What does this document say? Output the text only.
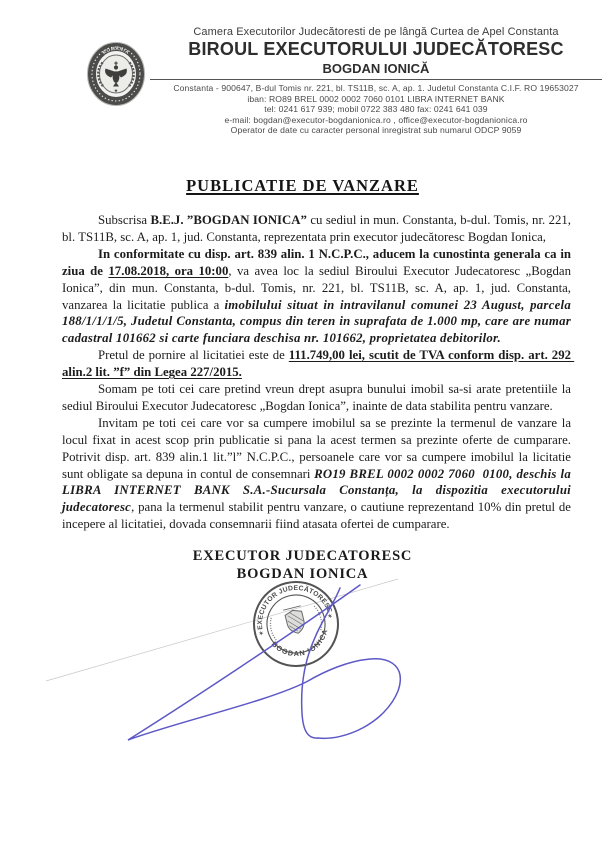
ROMÂNIA
✷
Camera Executorilor Judecătoresti de pe lângă Curtea de Apel Constanta
BIROUL EXECUTORULUI JUDECĂTORESC
BOGDAN IONICĂ
Constanta - 900647, B-dul Tomis nr. 221, bl. TS11B, sc. A, ap. 1. Judetul Constanta C.I.F. RO 19653027
iban: RO89 BREL 0002 0002 7060 0101 LIBRA INTERNET BANK
tel: 0241 617 939; mobil 0722 383 480 fax: 0241 641 039
e-mail: bogdan@executor-bogdanionica.ro , office@executor-bogdanionica.ro
Operator de date cu caracter personal inregistrat sub numarul ODCP 9059
PUBLICATIE DE VANZARE

Subscrisa B.E.J. ”BOGDAN IONICA” cu sediul in mun. Constanta, b-dul. Tomis, nr. 221, bl. TS11B, sc. A, ap. 1, jud. Constanta, reprezentata prin executor judecătoresc Bogdan Ionica,

In conformitate cu disp. art. 839 alin. 1 N.C.P.C., aducem la cunostinta generala ca in ziua de 17.08.2018, ora 10:00, va avea loc la sediul Biroului Executor Judecatoresc „Bogdan Ionica”, din mun. Constanta, b-dul. Tomis, nr. 221, bl. TS11B, sc. A, ap. 1, jud. Constanta, vanzarea la licitatie publica a imobilului situat in intravilanul comunei 23 August, parcela 188/1/1/1/5, Judetul Constanta, compus din teren in suprafata de 1.000 mp, care are numar cadastral 101662 si carte funciara deschisa nr. 101662, proprietatea debitorilor.

Pretul de pornire al licitatiei este de 111.749,00 lei, scutit de TVA conform disp. art. 292 alin.2 lit. ”f” din Legea 227/2015.

Somam pe toti cei care pretind vreun drept asupra bunului imobil sa-si arate pretentiile la sediul Biroului Executor Judecatoresc „Bogdan Ionica”, inainte de data stabilita pentru vanzare.

Invitam pe toti cei care vor sa cumpere imobilul sa se prezinte la termenul de vanzare la locul fixat in acest scop prin publicatie si pana la acest termen sa prezinte oferte de cumparare. Potrivit disp. art. 839 alin.1 lit.”l” N.C.P.C., persoanele care vor sa cumpere imobilul la licitatie sunt obligate sa depuna in contul de consemnari RO19 BREL 0002 0002 7060  0100, deschis la LIBRA INTERNET BANK S.A.-Sucursala Constanța, la dispozitia executorului judecatoresc, pana la termenul stabilit pentru vanzare, o cautiune reprezentand 10% din pretul de incepere al licitatiei, dovada consemnarii fiind atasata ofertei de cumparare.

EXECUTOR JUDECATORESC
BOGDAN IONICA
EXECUTOR JUDECĂTORESC
BOGDAN IONICA
✶
✶
